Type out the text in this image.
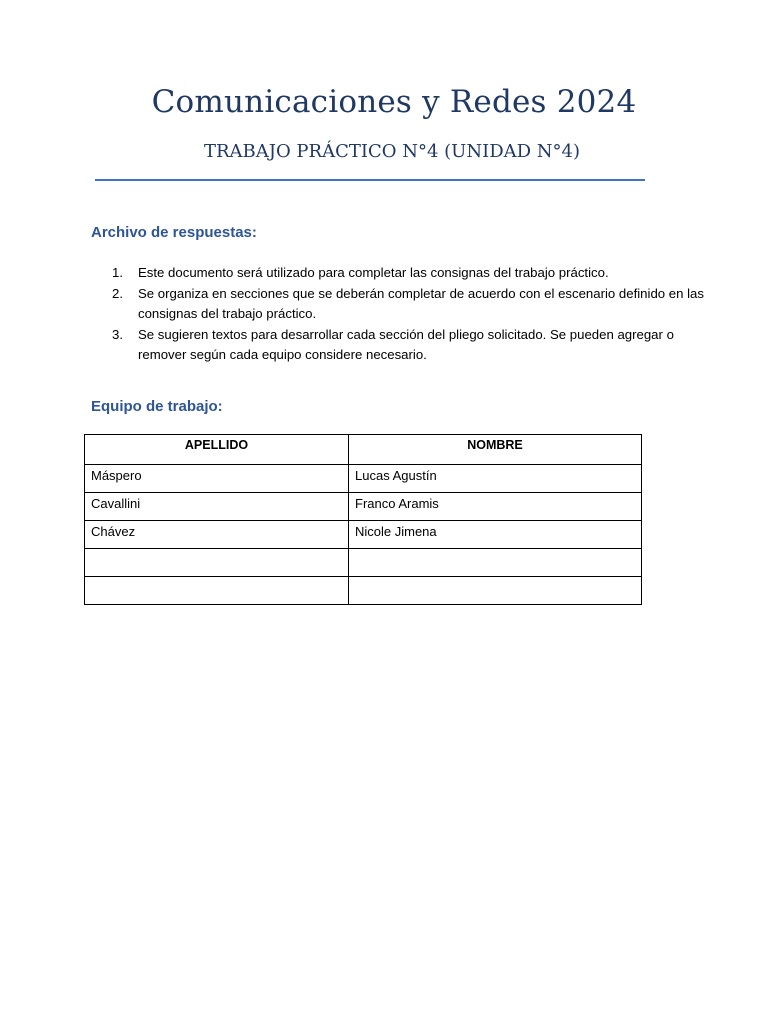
Comunicaciones y Redes 2024
TRABAJO PRÁCTICO N°4 (UNIDAD N°4)
Archivo de respuestas:
1. Este documento será utilizado para completar las consignas del trabajo práctico.
2. Se organiza en secciones que se deberán completar de acuerdo con el escenario definido en las consignas del trabajo práctico.
3. Se sugieren textos para desarrollar cada sección del pliego solicitado. Se pueden agregar o remover según cada equipo considere necesario.
Equipo de trabajo:
APELLIDO	NOMBRE
Máspero	Lucas Agustín
Cavallini	Franco Aramis
Chávez	Nicole Jimena
